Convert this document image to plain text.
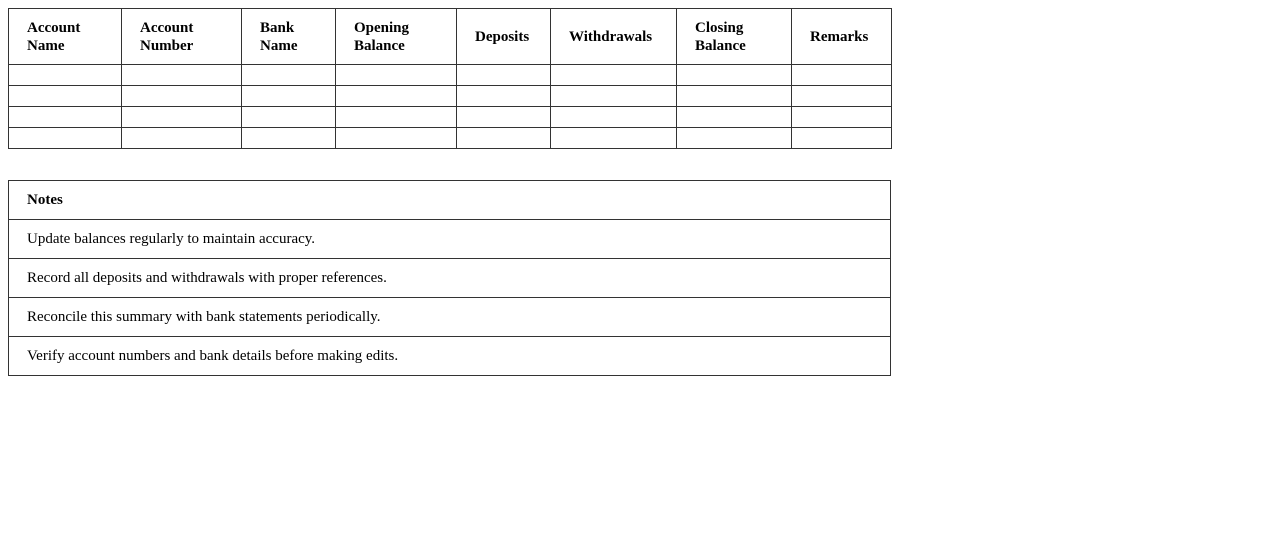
Account Name	Account Number	Bank Name	Opening Balance	Deposits	Withdrawals	Closing Balance	Remarks

Notes
Update balances regularly to maintain accuracy.
Record all deposits and withdrawals with proper references.
Reconcile this summary with bank statements periodically.
Verify account numbers and bank details before making edits.
